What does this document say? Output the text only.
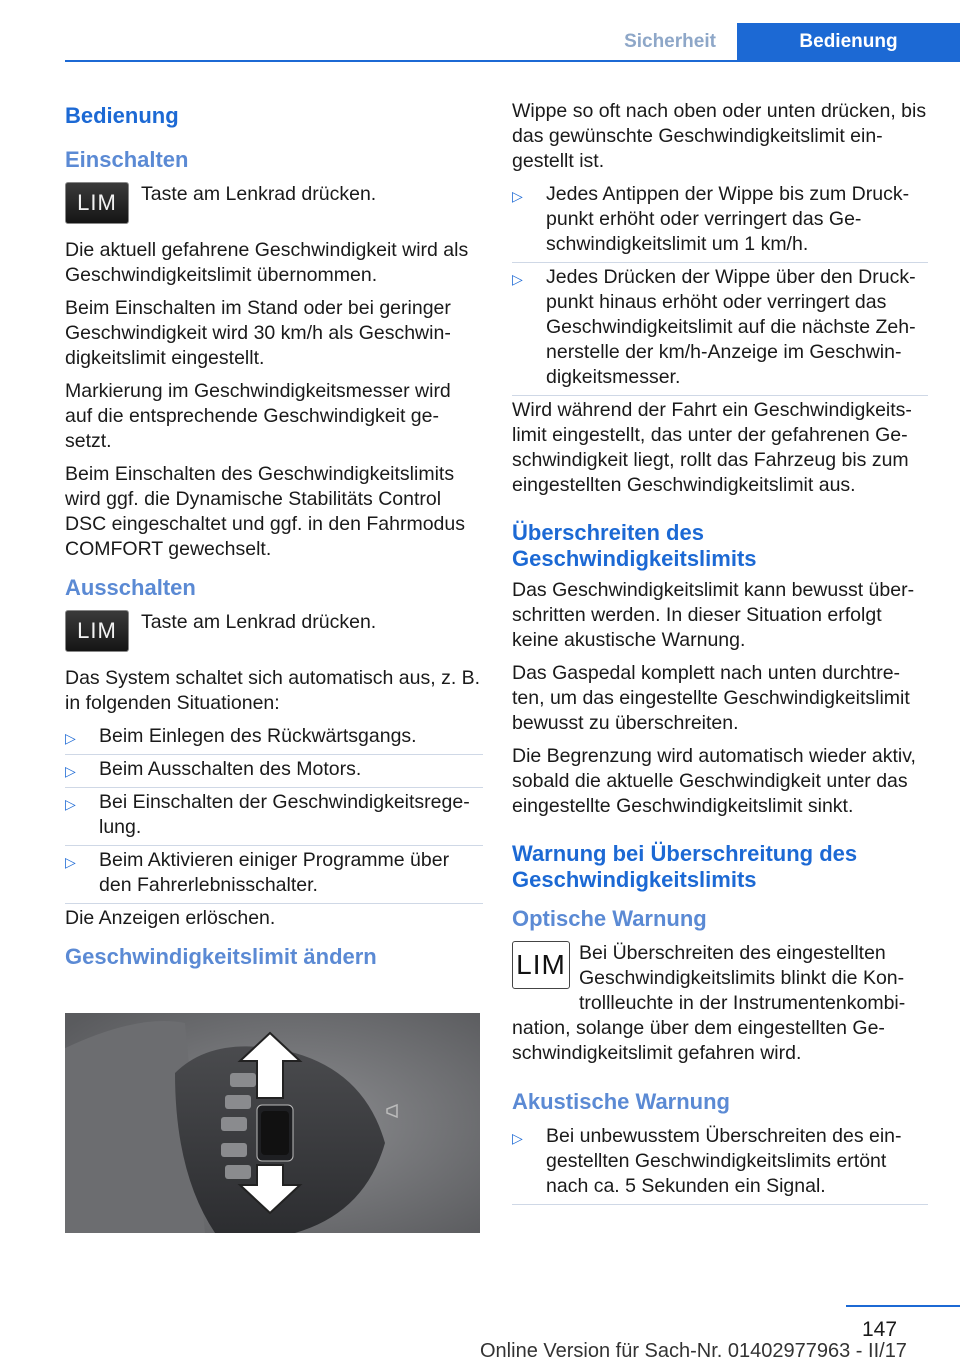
Sicherheit	Bedienung
Bedienung
Einschalten
LIM	Taste am Lenkrad drücken.

Die aktuell gefahrene Geschwindigkeit wird als Geschwindigkeitslimit übernommen.

Beim Einschalten im Stand oder bei geringer Geschwindigkeit wird 30 km/h als Geschwin-digkeitslimit eingestellt.

Markierung im Geschwindigkeitsmesser wird auf die entsprechende Geschwindigkeit ge-setzt.

Beim Einschalten des Geschwindigkeitslimits wird ggf. die Dynamische Stabilitäts Control DSC eingeschaltet und ggf. in den Fahrmodus COMFORT gewechselt.

Ausschalten
LIM	Taste am Lenkrad drücken.

Das System schaltet sich automatisch aus, z. B. in folgenden Situationen:

▷ Beim Einlegen des Rückwärtsgangs.
▷ Beim Ausschalten des Motors.
▷ Bei Einschalten der Geschwindigkeitsrege-lung.
▷ Beim Aktivieren einiger Programme über den Fahrerlebnisschalter.

Die Anzeigen erlöschen.

Geschwindigkeitslimit ändern

Wippe so oft nach oben oder unten drücken, bis das gewünschte Geschwindigkeitslimit ein-gestellt ist.

▷ Jedes Antippen der Wippe bis zum Druck-punkt erhöht oder verringert das Ge-schwindigkeitslimit um 1 km/h.
▷ Jedes Drücken der Wippe über den Druck-punkt hinaus erhöht oder verringert das Geschwindigkeitslimit auf die nächste Zeh-nerstelle der km/h-Anzeige im Geschwin-digkeitsmesser.

Wird während der Fahrt ein Geschwindigkeits-limit eingestellt, das unter der gefahrenen Ge-schwindigkeit liegt, rollt das Fahrzeug bis zum eingestellten Geschwindigkeitslimit aus.

Überschreiten des Geschwindigkeitslimits

Das Geschwindigkeitslimit kann bewusst über-schritten werden. In dieser Situation erfolgt keine akustische Warnung.

Das Gaspedal komplett nach unten durchtre-ten, um das eingestellte Geschwindigkeitslimit bewusst zu überschreiten.

Die Begrenzung wird automatisch wieder aktiv, sobald die aktuelle Geschwindigkeit unter das eingestellte Geschwindigkeitslimit sinkt.

Warnung bei Überschreitung des Geschwindigkeitslimits
Optische Warnung
LIM Bei Überschreiten des eingestellten Geschwindigkeitslimits blinkt die Kon-trollleuchte in der Instrumentenkombi-

nation, solange über dem eingestellten Ge-schwindigkeitslimit gefahren wird.

Akustische Warnung
▷ Bei unbewusstem Überschreiten des ein-gestellten Geschwindigkeitslimits ertönt nach ca. 5 Sekunden ein Signal.
147
Online Version für Sach-Nr. 01402977963 - II/17
